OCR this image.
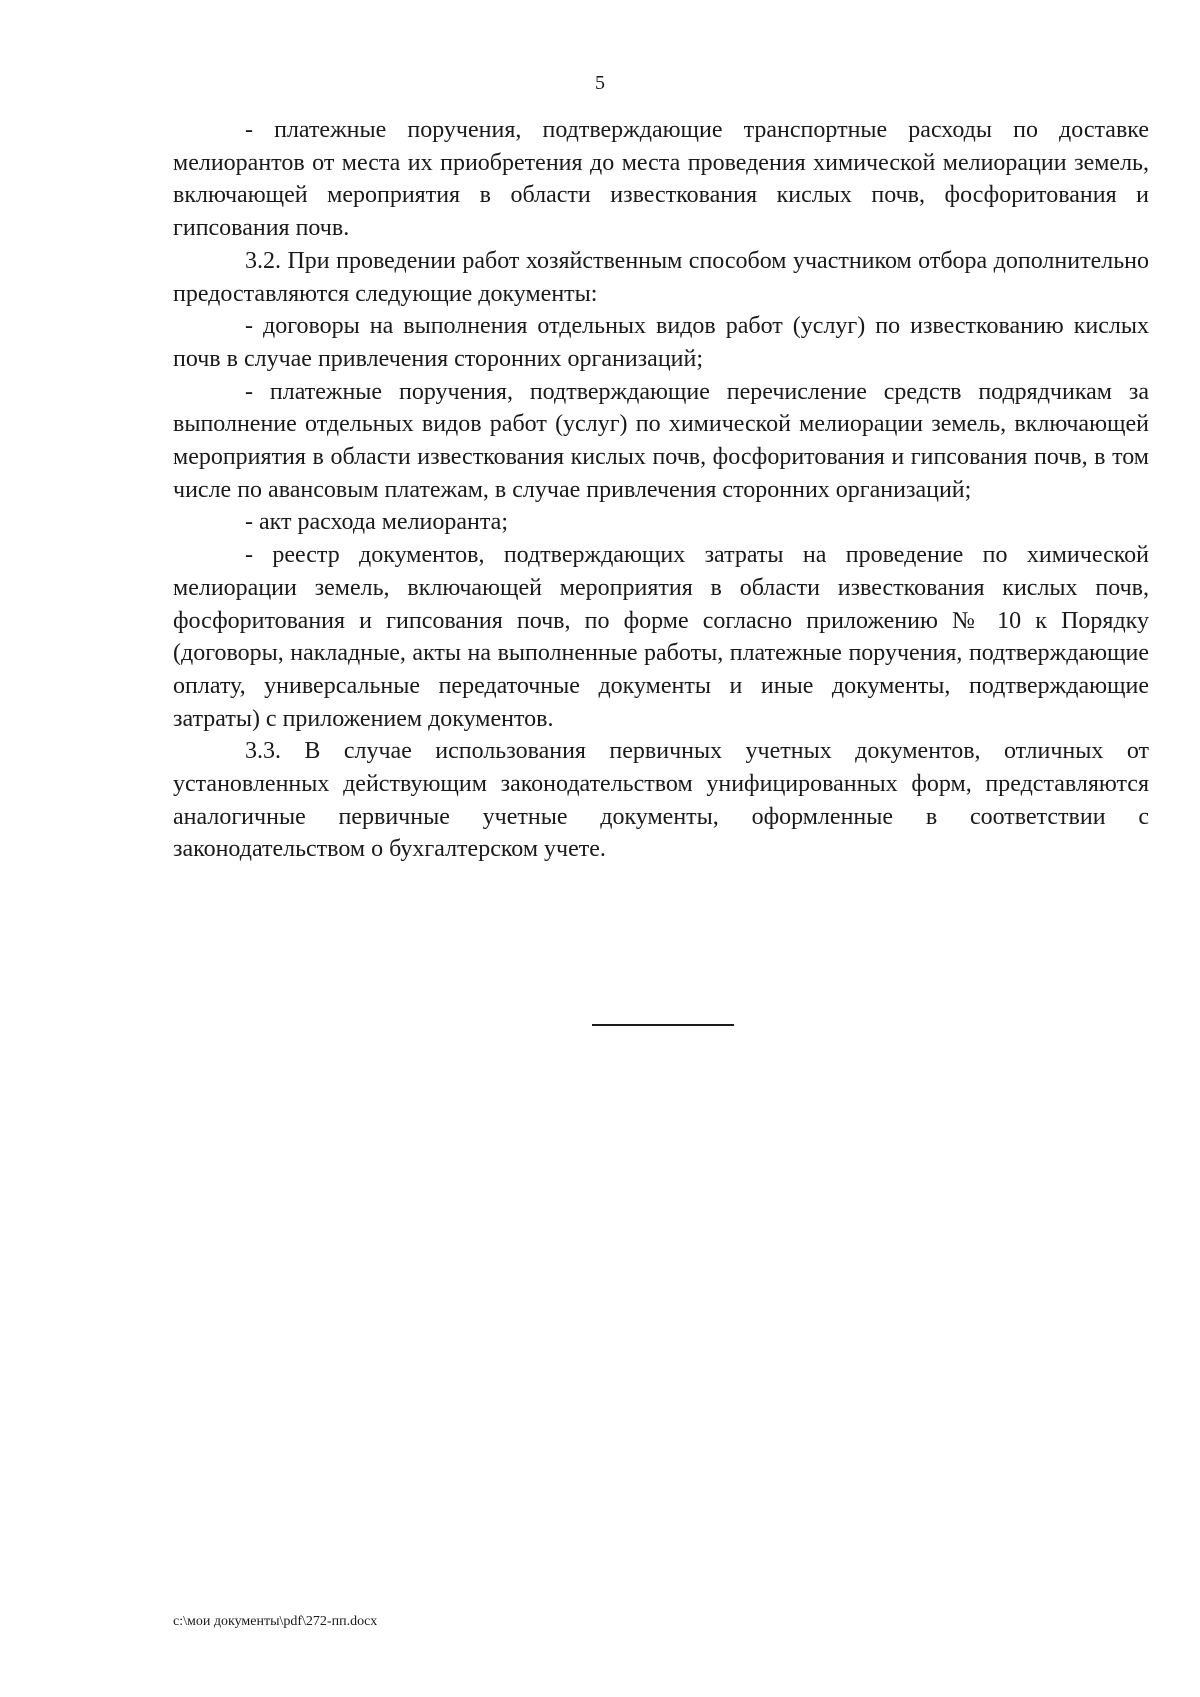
5

- платежные поручения, подтверждающие транспортные расходы по доставке мелиорантов от места их приобретения до места проведения химической мелиорации земель, включающей мероприятия в области известкования кислых почв, фосфоритования и гипсования почв.

3.2. При проведении работ хозяйственным способом участником отбора дополнительно предоставляются следующие документы:

- договоры на выполнения отдельных видов работ (услуг) по известкованию кислых почв в случае привлечения сторонних организаций;

- платежные поручения, подтверждающие перечисление средств подрядчикам за выполнение отдельных видов работ (услуг) по химической мелиорации земель, включающей мероприятия в области известкования кислых почв, фосфоритования и гипсования почв, в том числе по авансовым платежам, в случае привлечения сторонних организаций;

- акт расхода мелиоранта;

- реестр документов, подтверждающих затраты на проведение по химической мелиорации земель, включающей мероприятия в области известкования кислых почв, фосфоритования и гипсования почв, по форме согласно приложению № 10 к Порядку (договоры, накладные, акты на выполненные работы, платежные поручения, подтверждающие оплату, универсальные передаточные документы и иные документы, подтверждающие затраты) с приложением документов.

3.3. В случае использования первичных учетных документов, отличных от установленных действующим законодательством унифицированных форм, представляются аналогичные первичные учетные документы, оформленные в соответствии с законодательством о бухгалтерском учете.

c:\мои документы\pdf\272-пп.docx
